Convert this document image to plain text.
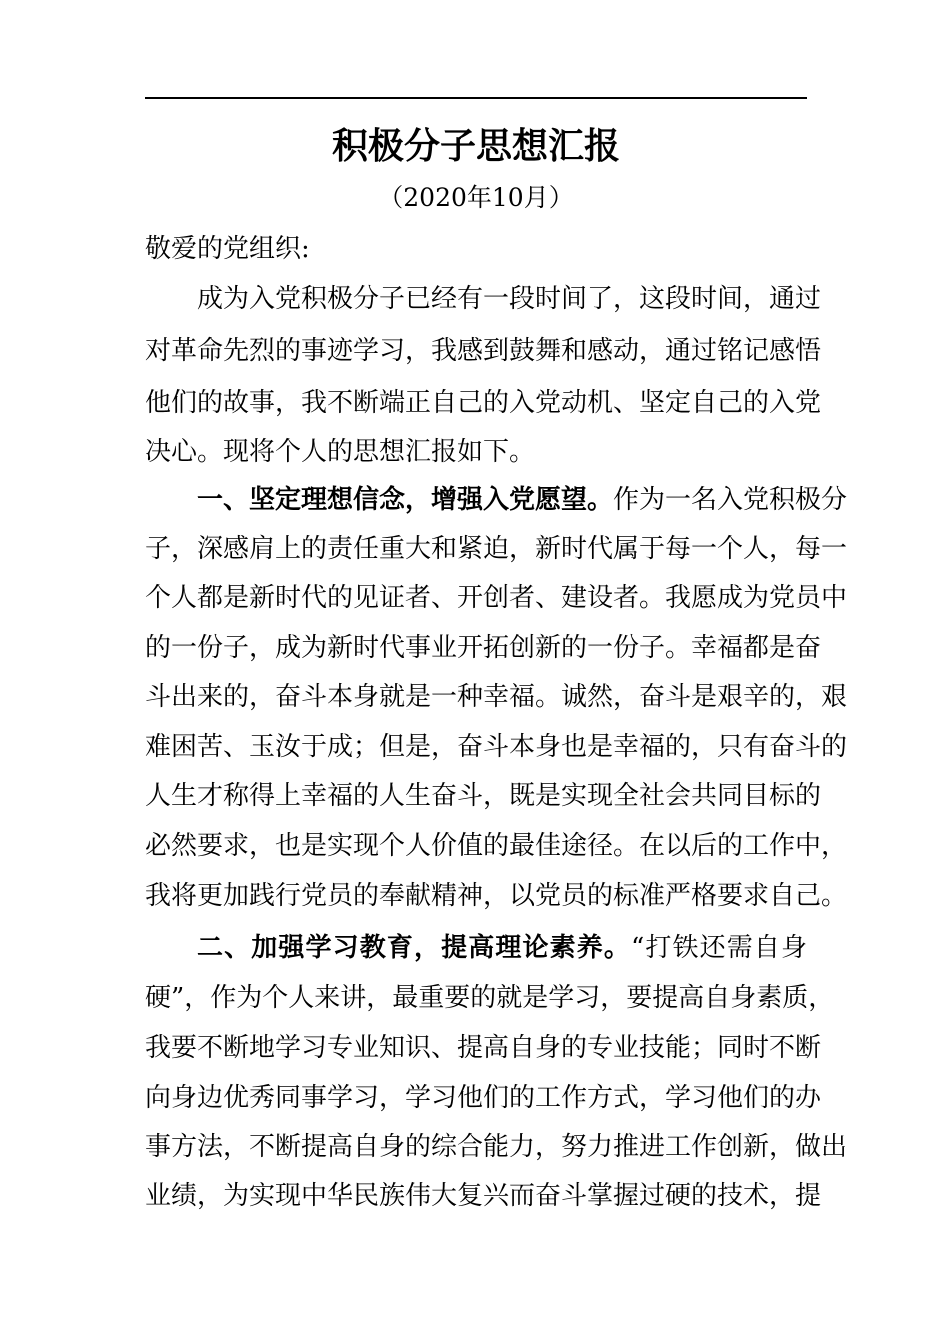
积极分子思想汇报
（2020年10月）
敬爱的党组织:
成为入党积极分子已经有一段时间了，这段时间，通过
对革命先烈的事迹学习，我感到鼓舞和感动，通过铭记感悟
他们的故事，我不断端正自己的入党动机、坚定自己的入党
决心。现将个人的思想汇报如下。
一、坚定理想信念，增强入党愿望。作为一名入党积极分
子，深感肩上的责任重大和紧迫，新时代属于每一个人，每一
个人都是新时代的见证者、开创者、建设者。我愿成为党员中
的一份子，成为新时代事业开拓创新的一份子。幸福都是奋
斗出来的，奋斗本身就是一种幸福。诚然，奋斗是艰辛的，艰
难困苦、玉汝于成；但是，奋斗本身也是幸福的，只有奋斗的
人生才称得上幸福的人生奋斗，既是实现全社会共同目标的
必然要求，也是实现个人价值的最佳途径。在以后的工作中，
我将更加践行党员的奉献精神，以党员的标准严格要求自己。
二、加强学习教育，提高理论素养。“打铁还需自身
硬”，作为个人来讲，最重要的就是学习，要提高自身素质，
我要不断地学习专业知识、提高自身的专业技能；同时不断
向身边优秀同事学习，学习他们的工作方式，学习他们的办
事方法，不断提高自身的综合能力，努力推进工作创新，做出
业绩，为实现中华民族伟大复兴而奋斗掌握过硬的技术，提
